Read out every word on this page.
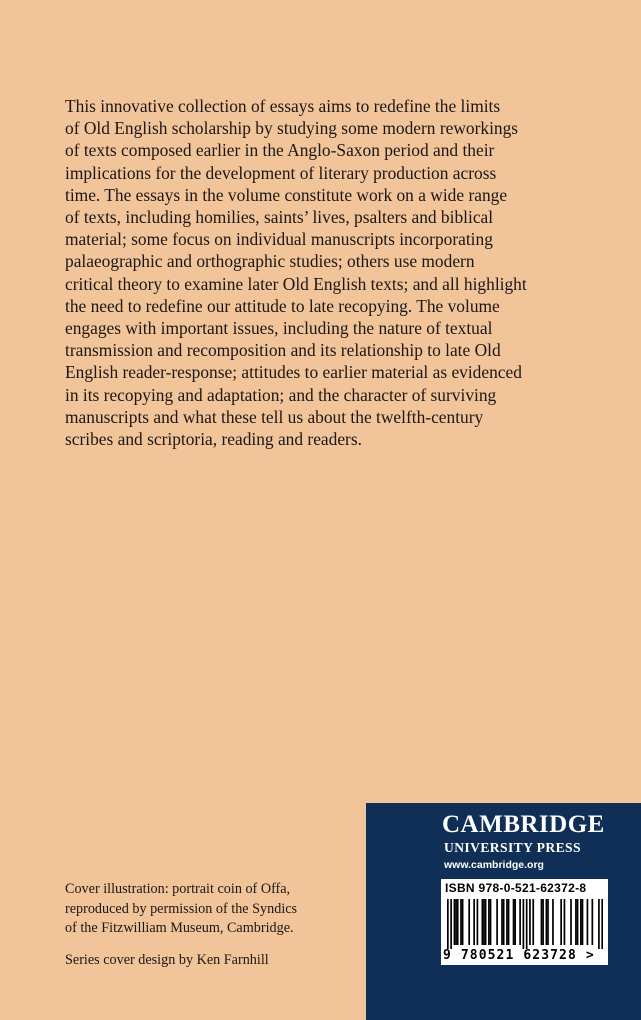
This innovative collection of essays aims to redefine the limits
of Old English scholarship by studying some modern reworkings
of texts composed earlier in the Anglo-Saxon period and their
implications for the development of literary production across
time. The essays in the volume constitute work on a wide range
of texts, including homilies, saints’ lives, psalters and biblical
material; some focus on individual manuscripts incorporating
palaeographic and orthographic studies; others use modern
critical theory to examine later Old English texts; and all highlight
the need to redefine our attitude to late recopying. The volume
engages with important issues, including the nature of textual
transmission and recomposition and its relationship to late Old
English reader-response; attitudes to earlier material as evidenced
in its recopying and adaptation; and the character of surviving
manuscripts and what these tell us about the twelfth-century
scribes and scriptoria, reading and readers.

Cover illustration: portrait coin of Offa,
reproduced by permission of the Syndics
of the Fitzwilliam Museum, Cambridge.

Series cover design by Ken Farnhill

CAMBRIDGE
UNIVERSITY PRESS
www.cambridge.org
ISBN 978-0-521-62372-8
9 780521 623728 >
